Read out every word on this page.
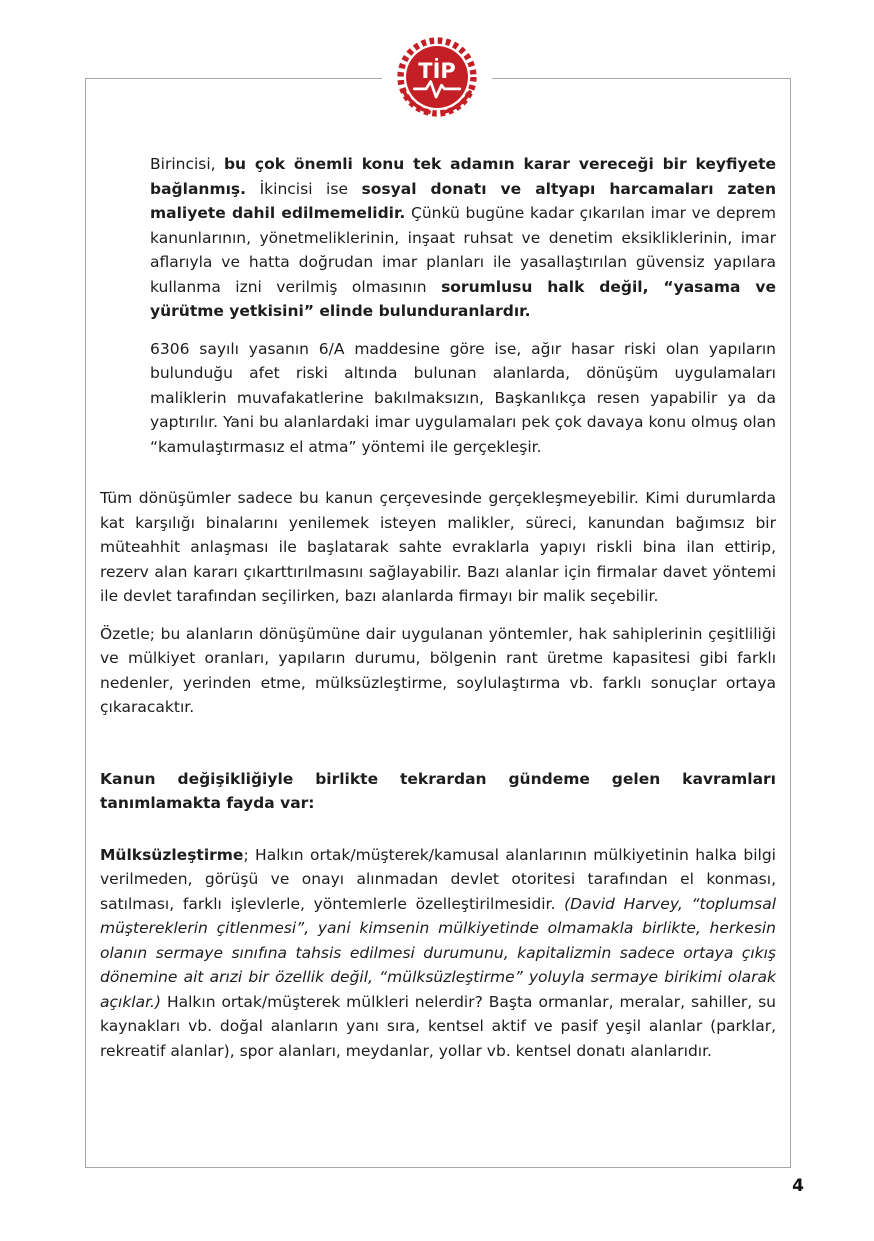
TİP

Birincisi, bu çok önemli konu tek adamın karar vereceği bir keyfiyete bağlanmış. İkincisi ise sosyal donatı ve altyapı harcamaları zaten maliyete dahil edilmemelidir. Çünkü bugüne kadar çıkarılan imar ve deprem kanunlarının, yönetmeliklerinin, inşaat ruhsat ve denetim eksikliklerinin, imar aflarıyla ve hatta doğrudan imar planları ile yasallaştırılan güvensiz yapılara kullanma izni verilmiş olmasının sorumlusu halk değil, “yasama ve yürütme yetkisini” elinde bulunduranlardır.

6306 sayılı yasanın 6/A maddesine göre ise, ağır hasar riski olan yapıların bulunduğu afet riski altında bulunan alanlarda, dönüşüm uygulamaları maliklerin muvafakatlerine bakılmaksızın, Başkanlıkça resen yapabilir ya da yaptırılır. Yani bu alanlardaki imar uygulamaları pek çok davaya konu olmuş olan “kamulaştırmasız el atma” yöntemi ile gerçekleşir.

Tüm dönüşümler sadece bu kanun çerçevesinde gerçekleşmeyebilir. Kimi durumlarda kat karşılığı binalarını yenilemek isteyen malikler, süreci, kanundan bağımsız bir müteahhit anlaşması ile başlatarak sahte evraklarla yapıyı riskli bina ilan ettirip, rezerv alan kararı çıkarttırılmasını sağlayabilir. Bazı alanlar için firmalar davet yöntemi ile devlet tarafından seçilirken, bazı alanlarda firmayı bir malik seçebilir.

Özetle; bu alanların dönüşümüne dair uygulanan yöntemler, hak sahiplerinin çeşitliliği ve mülkiyet oranları, yapıların durumu, bölgenin rant üretme kapasitesi gibi farklı nedenler, yerinden etme, mülksüzleştirme, soylulaştırma vb. farklı sonuçlar ortaya çıkaracaktır.

Kanun değişikliğiyle birlikte tekrardan gündeme gelen kavramları tanımlamakta fayda var:

Mülksüzleştirme; Halkın ortak/müşterek/kamusal alanlarının mülkiyetinin halka bilgi verilmeden, görüşü ve onayı alınmadan devlet otoritesi tarafından el konması, satılması, farklı işlevlerle, yöntemlerle özelleştirilmesidir. (David Harvey, “toplumsal müştereklerin çitlenmesi”, yani kimsenin mülkiyetinde olmamakla birlikte, herkesin olanın sermaye sınıfına tahsis edilmesi durumunu, kapitalizmin sadece ortaya çıkış dönemine ait arızi bir özellik değil, “mülksüzleştirme” yoluyla sermaye birikimi olarak açıklar.) Halkın ortak/müşterek mülkleri nelerdir? Başta ormanlar, meralar, sahiller, su kaynakları vb. doğal alanların yanı sıra, kentsel aktif ve pasif yeşil alanlar (parklar, rekreatif alanlar), spor alanları, meydanlar, yollar vb. kentsel donatı alanlarıdır.

4
